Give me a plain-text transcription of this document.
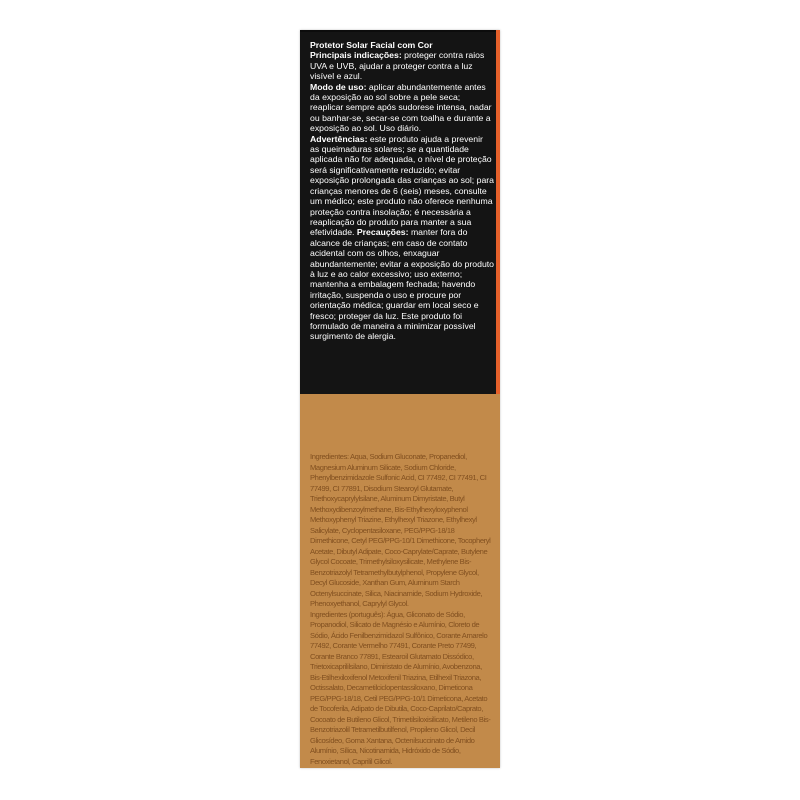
Protetor Solar Facial com Cor

Principais indicações: proteger contra raios UVA e UVB, ajudar a proteger contra a luz visível e azul.

Modo de uso: aplicar abundantemente antes da exposição ao sol sobre a pele seca; reaplicar sempre após sudorese intensa, nadar ou banhar-se, secar-se com toalha e durante a exposição ao sol. Uso diário.

Advertências: este produto ajuda a prevenir as queimaduras solares; se a quantidade aplicada não for adequada, o nível de proteção será significativamente reduzido; evitar exposição prolongada das crianças ao sol; para crianças menores de 6 (seis) meses, consulte um médico; este produto não oferece nenhuma proteção contra insolação; é necessária a reaplicação do produto para manter a sua efetividade. Precauções: manter fora do alcance de crianças; em caso de contato acidental com os olhos, enxaguar abundantemente; evitar a exposição do produto à luz e ao calor excessivo; uso externo; mantenha a embalagem fechada; havendo irritação, suspenda o uso e procure por orientação médica; guardar em local seco e fresco; proteger da luz. Este produto foi formulado de maneira a minimizar possível surgimento de alergia.

Ingredientes: Aqua, Sodium Gluconate, Propanediol, Magnesium Aluminum Silicate, Sodium Chloride, Phenylbenzimidazole Sulfonic Acid, CI 77492, CI 77491, CI 77499, CI 77891, Disodium Stearoyl Glutamate, Triethoxycaprylylsilane, Aluminum Dimyristate, Butyl Methoxydibenzoylmethane, Bis-Ethylhexyloxyphenol Methoxyphenyl Triazine, Ethylhexyl Triazone, Ethylhexyl Salicylate, Cyclopentasiloxane, PEG/PPG-18/18 Dimethicone, Cetyl PEG/PPG-10/1 Dimethicone, Tocopheryl Acetate, Dibutyl Adipate, Coco-Caprylate/Caprate, Butylene Glycol Cocoate, Trimethylsiloxysilicate, Methylene Bis-Benzotriazolyl Tetramethylbutylphenol, Propylene Glycol, Decyl Glucoside, Xanthan Gum, Aluminum Starch Octenylsuccinate, Silica, Niacinamide, Sodium Hydroxide, Phenoxyethanol, Caprylyl Glycol.

Ingredientes (português): Água, Gliconato de Sódio, Propanodiol, Silicato de Magnésio e Alumínio, Cloreto de Sódio, Ácido Fenilbenzimidazol Sulfônico, Corante Amarelo 77492, Corante Vermelho 77491, Corante Preto 77499, Corante Branco 77891, Estearoil Glutamato Dissódico, Trietoxicaprililsilano, Dimiristato de Alumínio, Avobenzona, Bis-Etilhexiloxifenol Metoxifenil Triazina, Etilhexil Triazona, Octissalato, Decametilciclopentassiloxano, Dimeticona PEG/PPG-18/18, Cetil PEG/PPG-10/1 Dimeticona, Acetato de Tocoferila, Adipato de Dibutila, Coco-Caprilato/Caprato, Cocoato de Butileno Glicol, Trimetilsiloxisilicato, Metileno Bis-Benzotriazolil Tetrametilbutilfenol, Propileno Glicol, Decil Glicosídeo, Goma Xantana, Octenilsuccinato de Amido Alumínio, Sílica, Nicotinamida, Hidróxido de Sódio, Fenoxietanol, Caprilil Glicol.
